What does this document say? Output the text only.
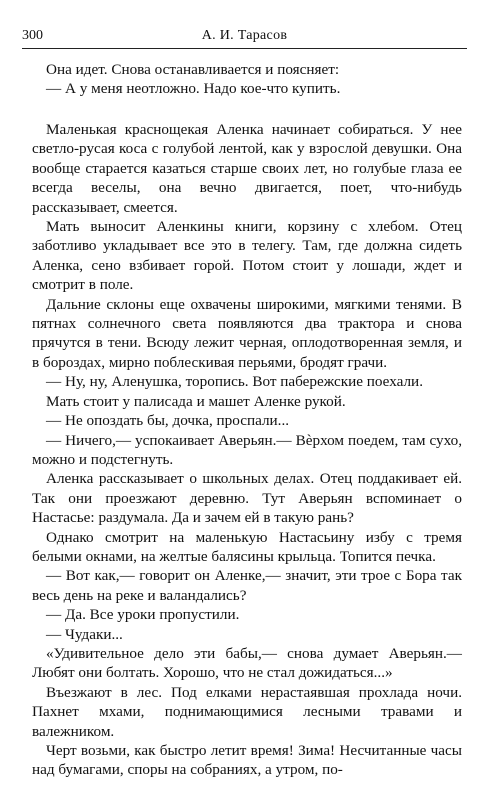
300	А. И. Тарасов

Она идет. Снова останавливается и поясняет:

— А у меня неотложно. Надо кое-что купить.

Маленькая краснощекая Аленка начинает собираться. У нее светло-русая коса с голубой лентой, как у взрослой девушки. Она вообще старается казаться старше своих лет, но голубые глаза ее всегда веселы, она вечно двигается, поет, что-нибудь рассказывает, смеется.

Мать выносит Аленкины книги, корзину с хлебом. Отец заботливо укладывает все это в телегу. Там, где должна сидеть Аленка, сено взбивает горой. Потом стоит у лошади, ждет и смотрит в поле.

Дальние склоны еще охвачены широкими, мягкими тенями. В пятнах солнечного света появляются два трактора и снова прячутся в тени. Всюду лежит черная, оплодотворенная земля, и в бороздах, мирно поблескивая перьями, бродят грачи.

— Ну, ну, Аленушка, торопись. Вот пабережские поехали.

Мать стоит у палисада и машет Аленке рукой.

— Не опоздать бы, дочка, проспали...

— Ничего,— успокаивает Аверьян.— Вѐрхом поедем, там сухо, можно и подстегнуть.

Аленка рассказывает о школьных делах. Отец поддакивает ей. Так они проезжают деревню. Тут Аверьян вспоминает о Настасье: раздумала. Да и зачем ей в такую рань?

Однако смотрит на маленькую Настасьину избу с тремя белыми окнами, на желтые балясины крыльца. Топится печка.

— Вот как,— говорит он Аленке,— значит, эти трое с Бора так весь день на реке и валандались?

— Да. Все уроки пропустили.

— Чудаки...

«Удивительное дело эти бабы,— снова думает Аверьян.— Любят они болтать. Хорошо, что не стал дожидаться...»

Въезжают в лес. Под елками нерастаявшая прохлада ночи. Пахнет мхами, поднимающимися лесными травами и валежником.

Черт возьми, как быстро летит время! Зима! Несчитанные часы над бумагами, споры на собраниях, а утром, по-
